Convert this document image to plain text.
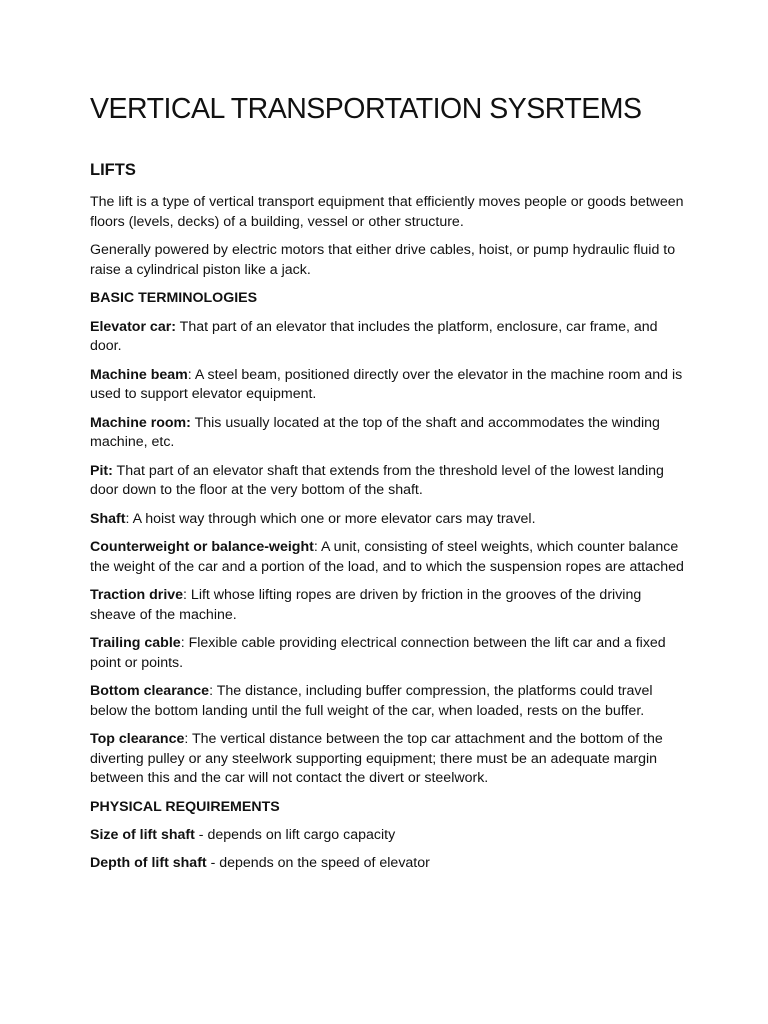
VERTICAL TRANSPORTATION SYSRTEMS
LIFTS

The lift is a type of vertical transport equipment that efficiently moves people or goods between floors (levels, decks) of a building, vessel or other structure.

Generally powered by electric motors that either drive cables, hoist, or pump hydraulic fluid to raise a cylindrical piston like a jack.

BASIC TERMINOLOGIES

Elevator car: That part of an elevator that includes the platform, enclosure, car frame, and door.

Machine beam: A steel beam, positioned directly over the elevator in the machine room and is used to support elevator equipment.

Machine room: This usually located at the top of the shaft and accommodates the winding machine, etc.

Pit: That part of an elevator shaft that extends from the threshold level of the lowest landing door down to the floor at the very bottom of the shaft.

Shaft: A hoist way through which one or more elevator cars may travel.

Counterweight or balance-weight: A unit, consisting of steel weights, which counter balance the weight of the car and a portion of the load, and to which the suspension ropes are attached

Traction drive: Lift whose lifting ropes are driven by friction in the grooves of the driving sheave of the machine.

Trailing cable: Flexible cable providing electrical connection between the lift car and a fixed point or points.

Bottom clearance: The distance, including buffer compression, the platforms could travel below the bottom landing until the full weight of the car, when loaded, rests on the buffer.

Top clearance: The vertical distance between the top car attachment and the bottom of the diverting pulley or any steelwork supporting equipment; there must be an adequate margin between this and the car will not contact the divert or steelwork.

PHYSICAL REQUIREMENTS

Size of lift shaft - depends on lift cargo capacity

Depth of lift shaft - depends on the speed of elevator
